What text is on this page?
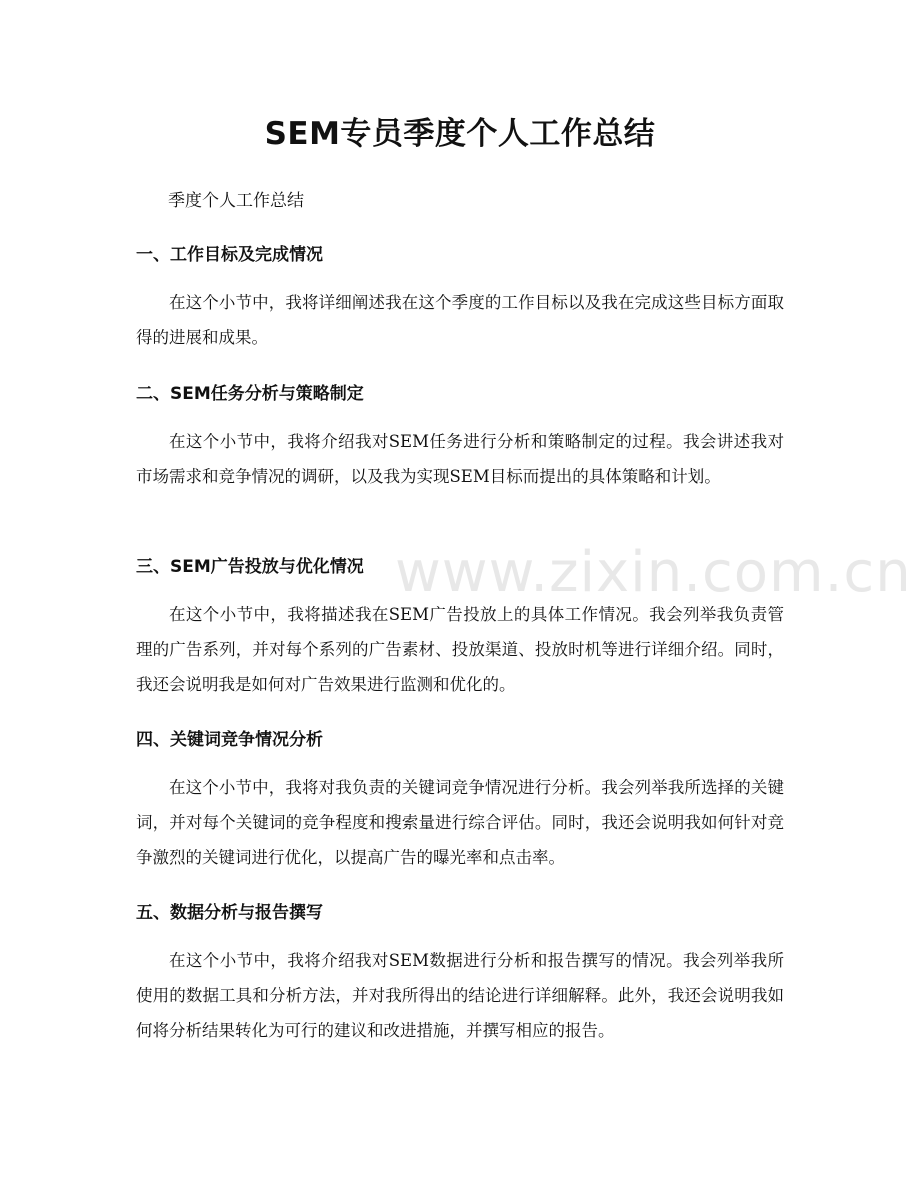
SEM专员季度个人工作总结

季度个人工作总结

一、工作目标及完成情况

在这个小节中，我将详细阐述我在这个季度的工作目标以及我在完成这些目标方面取得的进展和成果。

二、SEM任务分析与策略制定

在这个小节中，我将介绍我对SEM任务进行分析和策略制定的过程。我会讲述我对市场需求和竞争情况的调研，以及我为实现SEM目标而提出的具体策略和计划。

三、SEM广告投放与优化情况

在这个小节中，我将描述我在SEM广告投放上的具体工作情况。我会列举我负责管理的广告系列，并对每个系列的广告素材、投放渠道、投放时机等进行详细介绍。同时，我还会说明我是如何对广告效果进行监测和优化的。

四、关键词竞争情况分析

在这个小节中，我将对我负责的关键词竞争情况进行分析。我会列举我所选择的关键词，并对每个关键词的竞争程度和搜索量进行综合评估。同时，我还会说明我如何针对竞争激烈的关键词进行优化，以提高广告的曝光率和点击率。

五、数据分析与报告撰写

在这个小节中，我将介绍我对SEM数据进行分析和报告撰写的情况。我会列举我所使用的数据工具和分析方法，并对我所得出的结论进行详细解释。此外，我还会说明我如何将分析结果转化为可行的建议和改进措施，并撰写相应的报告。

www.zixin.com.cn
